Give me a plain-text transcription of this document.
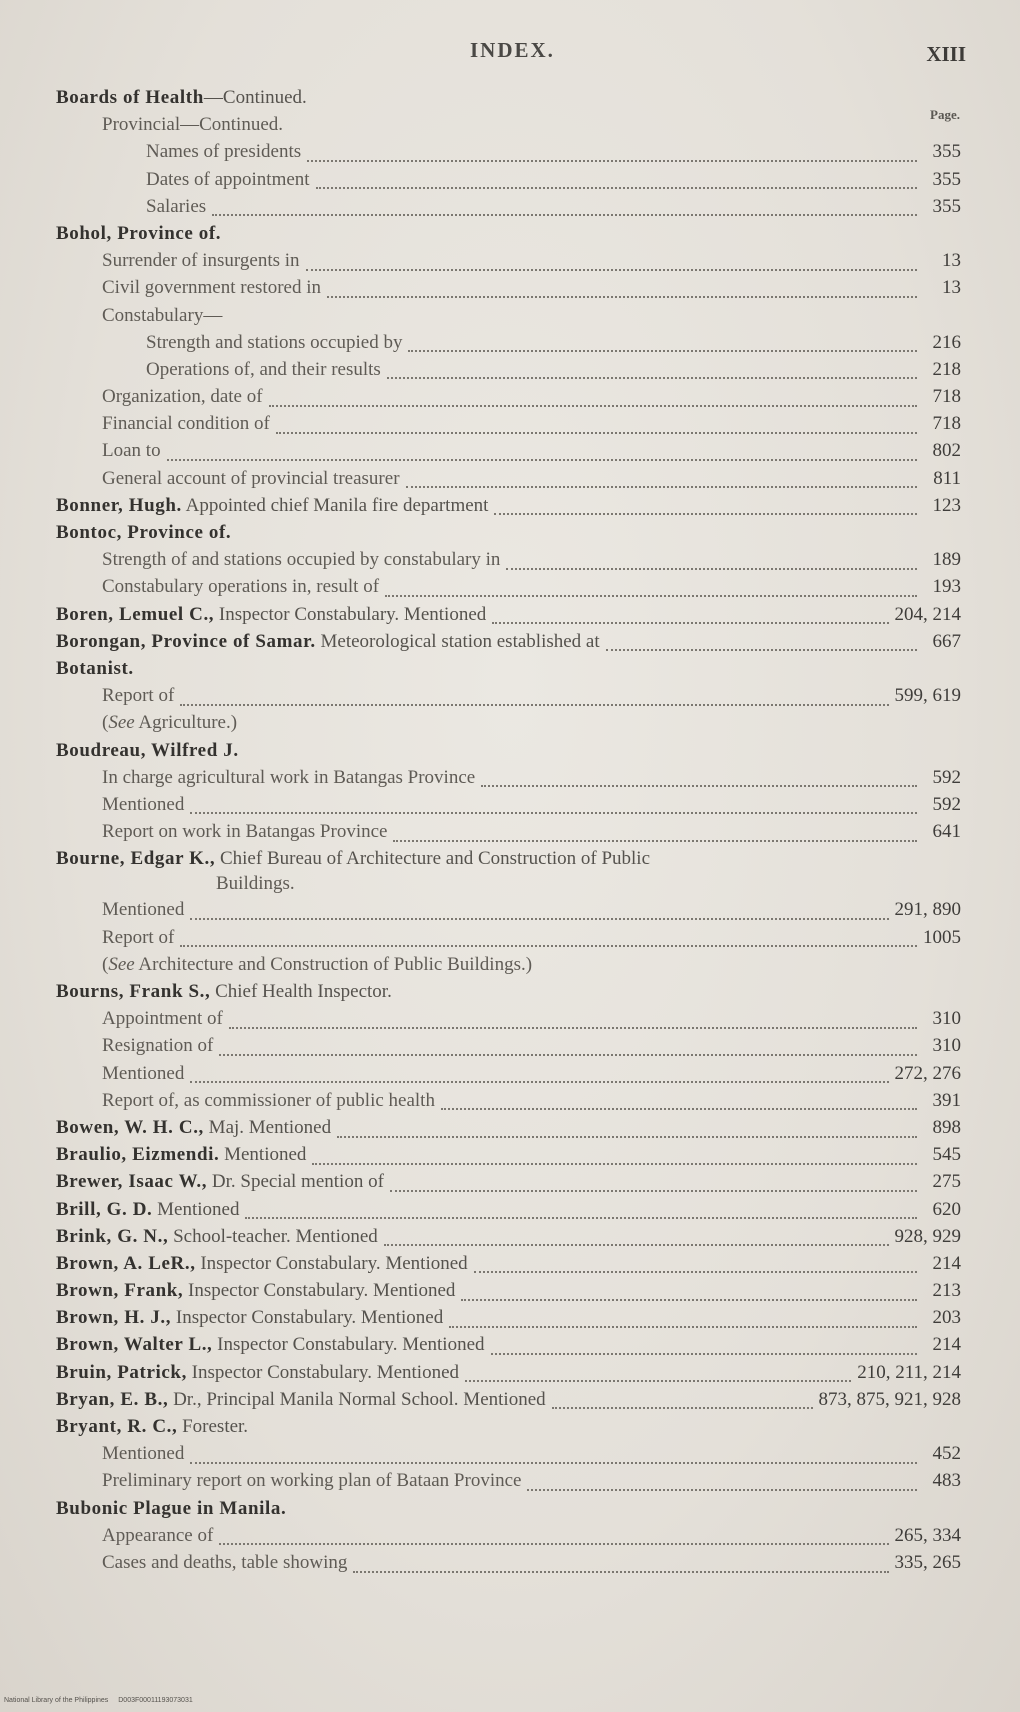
INDEX.	XIII
Page.
Boards of Health—Continued.
Provincial—Continued.
Names of presidents	355
Dates of appointment	355
Salaries	355
Bohol, Province of.
Surrender of insurgents in	13
Civil government restored in	13
Constabulary—
Strength and stations occupied by	216
Operations of, and their results	218
Organization, date of	718
Financial condition of	718
Loan to	802
General account of provincial treasurer	811
Bonner, Hugh. Appointed chief Manila fire department	123
Bontoc, Province of.
Strength of and stations occupied by constabulary in	189
Constabulary operations in, result of	193
Boren, Lemuel C., Inspector Constabulary. Mentioned	204, 214
Borongan, Province of Samar. Meteorological station established at	667
Botanist.
Report of	599, 619
(See Agriculture.)
Boudreau, Wilfred J.
In charge agricultural work in Batangas Province	592
Mentioned	592
Report on work in Batangas Province	641
Bourne, Edgar K., Chief Bureau of Architecture and Construction of Public
Buildings.
Mentioned	291, 890
Report of	1005
(See Architecture and Construction of Public Buildings.)
Bourns, Frank S., Chief Health Inspector.
Appointment of	310
Resignation of	310
Mentioned	272, 276
Report of, as commissioner of public health	391
Bowen, W. H. C., Maj. Mentioned	898
Braulio, Eizmendi. Mentioned	545
Brewer, Isaac W., Dr. Special mention of	275
Brill, G. D. Mentioned	620
Brink, G. N., School-teacher. Mentioned	928, 929
Brown, A. LeR., Inspector Constabulary. Mentioned	214
Brown, Frank, Inspector Constabulary. Mentioned	213
Brown, H. J., Inspector Constabulary. Mentioned	203
Brown, Walter L., Inspector Constabulary. Mentioned	214
Bruin, Patrick, Inspector Constabulary. Mentioned	210, 211, 214
Bryan, E. B., Dr., Principal Manila Normal School. Mentioned	873, 875, 921, 928
Bryant, R. C., Forester.
Mentioned	452
Preliminary report on working plan of Bataan Province	483
Bubonic Plague in Manila.
Appearance of	265, 334
Cases and deaths, table showing	335, 265
National Library of the Philippines D003F00011193073031
